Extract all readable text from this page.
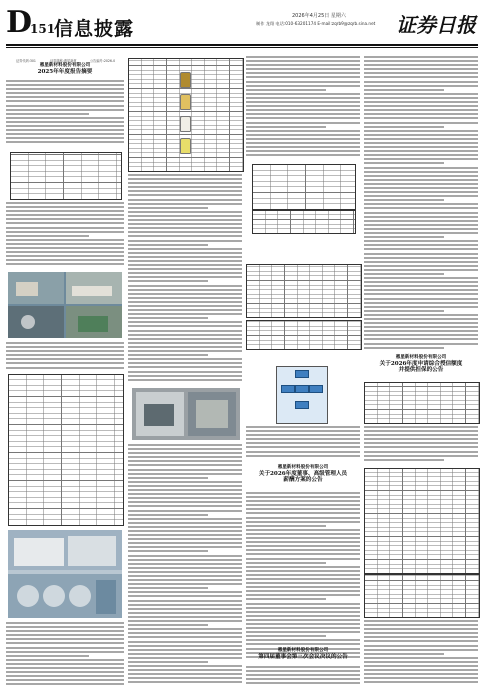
D
151
信息披露
2026年4月25日 星期六
制作 龙翔 电话:010-63201174 E-mail:zqrb9@zqrb.sina.net 证券日报
证券代码:301	证券简称:惠星新材	公告编号:2026-0
惠星新材料股份有限公司
2025年年度报告摘要
惠星新材料股份有限公司
关于2026年度董事、高级管理人员
薪酬方案的公告
惠星新材料股份有限公司
第四届董事会第三次会议决议的公告
惠星新材料股份有限公司
关于2026年度申请综合授信额度
并提供担保的公告
